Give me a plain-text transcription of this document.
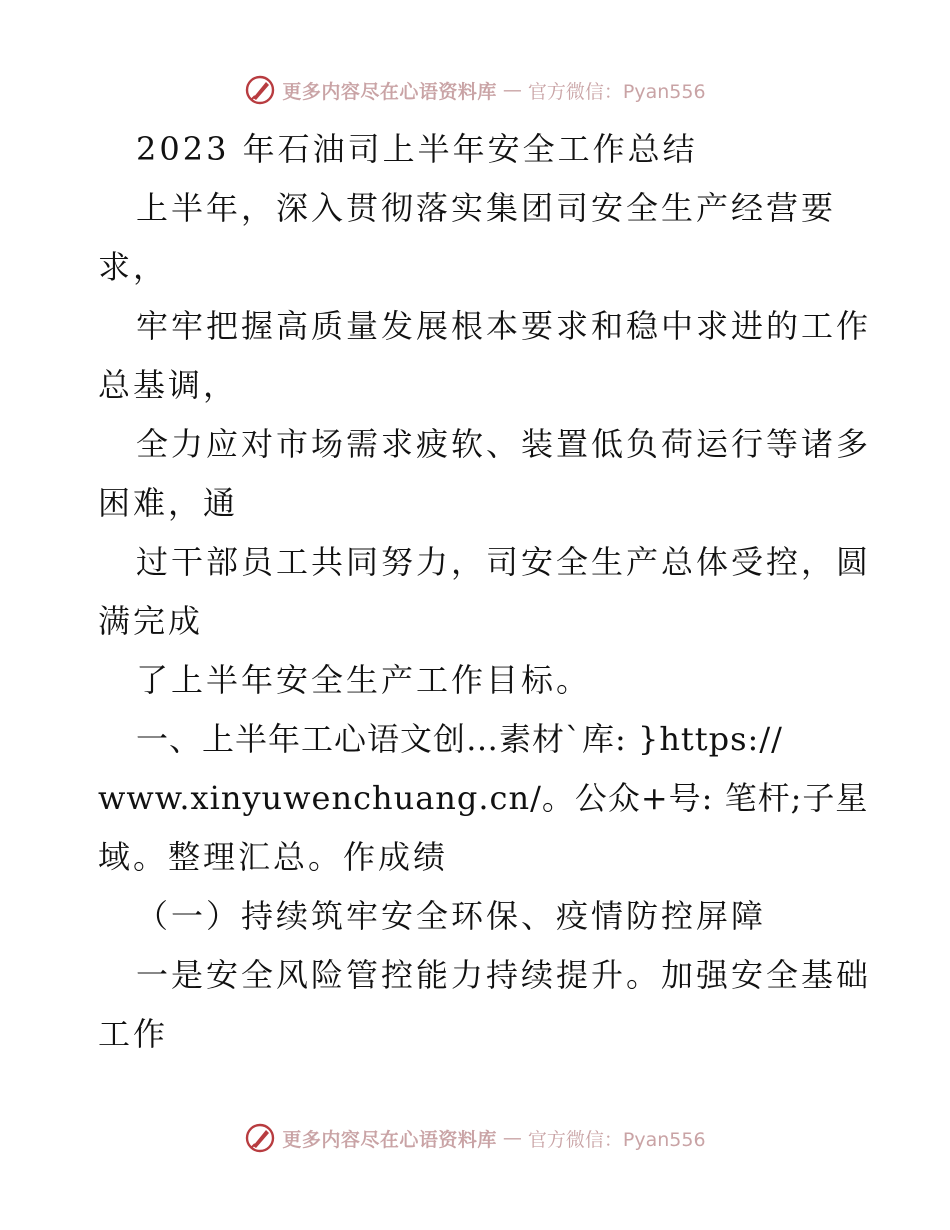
更多内容尽在心语资料库 — 官方微信：Pyan556
2023 年石油司上半年安全工作总结
上半年，深入贯彻落实集团司安全生产经营要
求，
牢牢把握高质量发展根本要求和稳中求进的工作
总基调，
全力应对市场需求疲软、装置低负荷运行等诸多
困难，通
过干部员工共同努力，司安全生产总体受控，圆
满完成
了上半年安全生产工作目标。
一、上半年工心语文创…素材`库: }https://
www.xinyuwenchuang.cn/。公众+号: 笔杆;子星
域。整理汇总。作成绩
（一）持续筑牢安全环保、疫情防控屏障
一是安全风险管控能力持续提升。加强安全基础
工作
更多内容尽在心语资料库 — 官方微信：Pyan556
